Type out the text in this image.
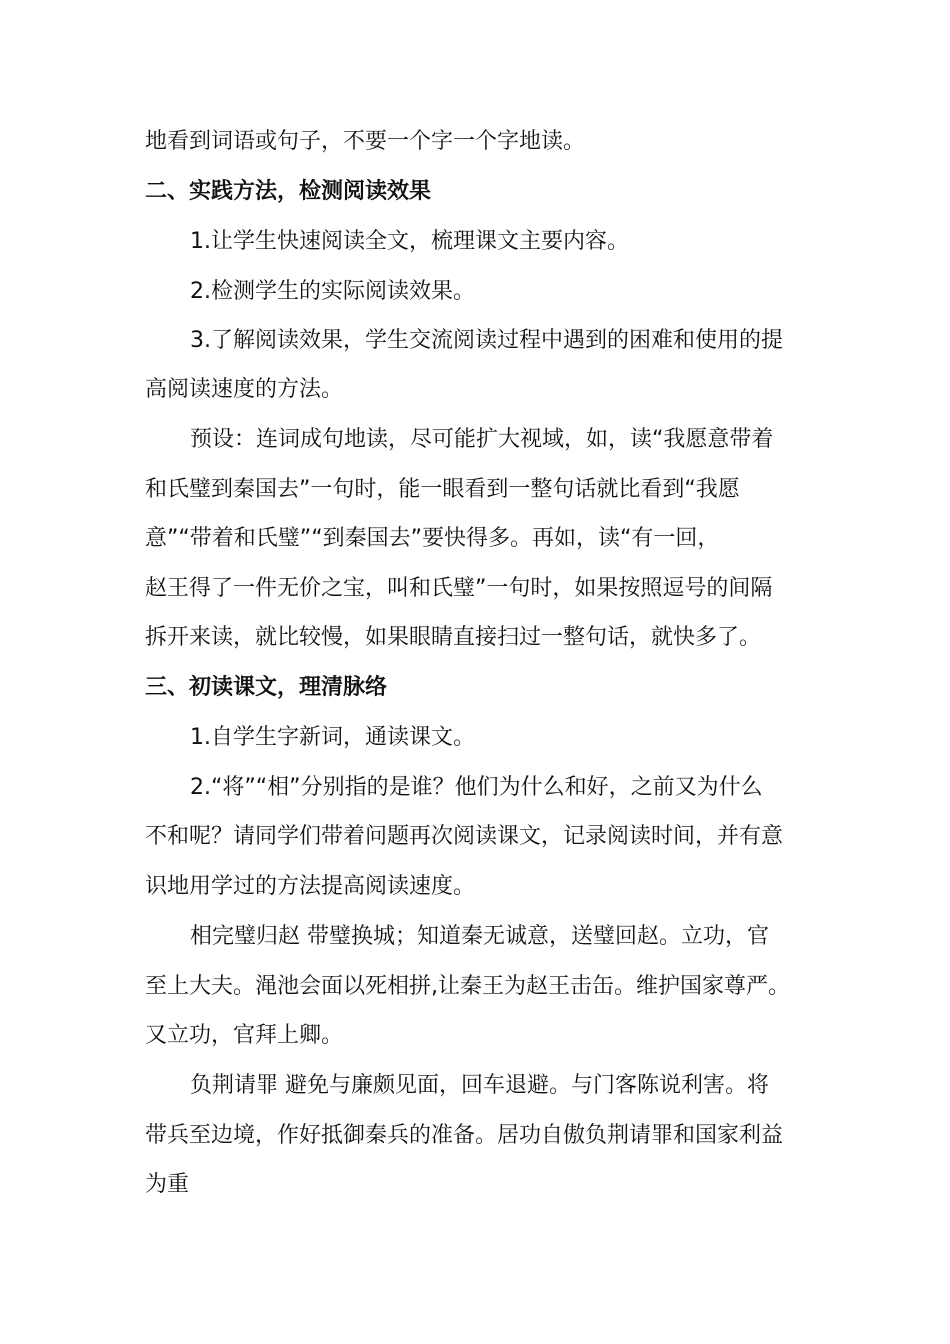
地看到词语或句子，不要一个字一个字地读。
二、实践方法，检测阅读效果
1.让学生快速阅读全文，梳理课文主要内容。
2.检测学生的实际阅读效果。
3.了解阅读效果，学生交流阅读过程中遇到的困难和使用的提
高阅读速度的方法。
预设：连词成句地读，尽可能扩大视域，如，读“我愿意带着
和氏璧到秦国去”一句时，能一眼看到一整句话就比看到“我愿
意”“带着和氏璧”“到秦国去”要快得多。再如，读“有一回，
赵王得了一件无价之宝，叫和氏璧”一句时，如果按照逗号的间隔
拆开来读，就比较慢，如果眼睛直接扫过一整句话，就快多了。
三、初读课文，理清脉络
1.自学生字新词，通读课文。
2.“将”“相”分别指的是谁？他们为什么和好，之前又为什么
不和呢？请同学们带着问题再次阅读课文，记录阅读时间，并有意
识地用学过的方法提高阅读速度。
相完璧归赵 带璧换城；知道秦无诚意，送璧回赵。立功，官
至上大夫。渑池会面以死相拼,让秦王为赵王击缶。维护国家尊严。
又立功，官拜上卿。
负荆请罪 避免与廉颇见面，回车退避。与门客陈说利害。将
带兵至边境，作好抵御秦兵的准备。居功自傲负荆请罪和国家利益
为重
